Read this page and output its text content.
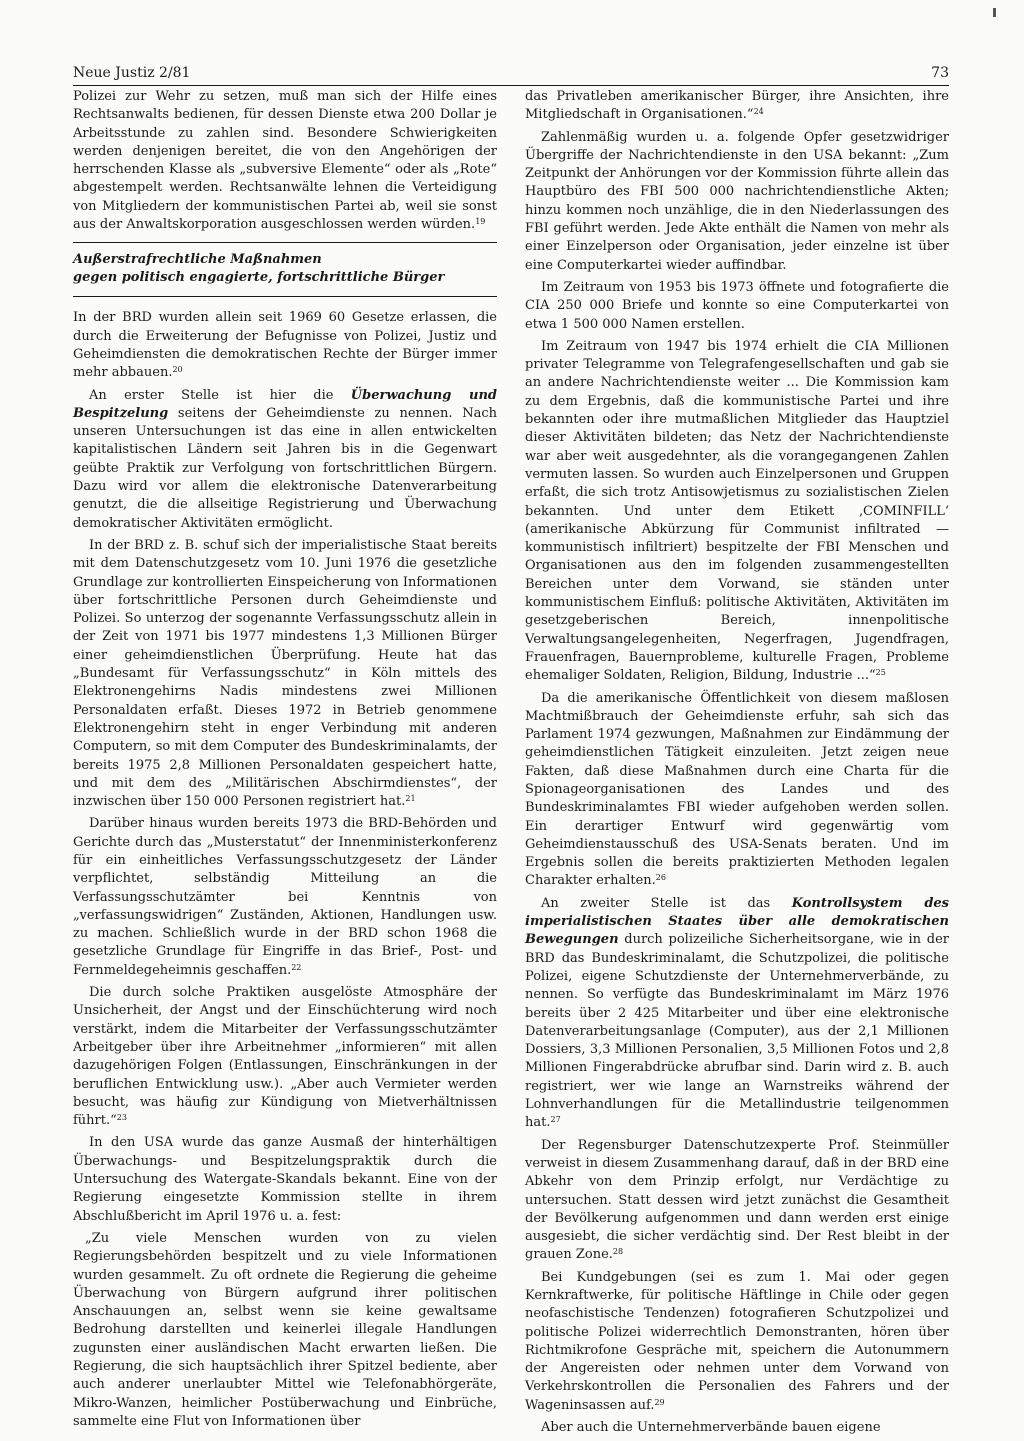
Neue Justiz 2/81	73

Polizei zur Wehr zu setzen, muß man sich der Hilfe eines Rechtsanwalts bedienen, für dessen Dienste etwa 200 Dollar je Arbeitsstunde zu zahlen sind. Besondere Schwierigkeiten werden denjenigen bereitet, die von den Angehörigen der herrschenden Klasse als „subversive Elemente“ oder als „Rote“ abgestempelt werden. Rechtsanwälte lehnen die Verteidigung von Mitgliedern der kommunistischen Partei ab, weil sie sonst aus der Anwaltskorporation ausgeschlossen werden würden.$^{19}$

Außerstrafrechtliche Maßnahmen
gegen politisch engagierte, fortschrittliche Bürger

In der BRD wurden allein seit 1969 60 Gesetze erlassen, die durch die Erweiterung der Befugnisse von Polizei, Justiz und Geheimdiensten die demokratischen Rechte der Bürger immer mehr abbauen.$^{20}$

An erster Stelle ist hier die Überwachung und Bespitzelung seitens der Geheimdienste zu nennen. Nach unseren Untersuchungen ist das eine in allen entwickelten kapitalistischen Ländern seit Jahren bis in die Gegenwart geübte Praktik zur Verfolgung von fortschrittlichen Bürgern. Dazu wird vor allem die elektronische Datenverarbeitung genutzt, die die allseitige Registrierung und Überwachung demokratischer Aktivitäten ermöglicht.

In der BRD z. B. schuf sich der imperialistische Staat bereits mit dem Datenschutzgesetz vom 10. Juni 1976 die gesetzliche Grundlage zur kontrollierten Einspeicherung von Informationen über fortschrittliche Personen durch Geheimdienste und Polizei. So unterzog der sogenannte Verfassungsschutz allein in der Zeit von 1971 bis 1977 mindestens 1,3 Millionen Bürger einer geheimdienstlichen Überprüfung. Heute hat das „Bundesamt für Verfassungsschutz“ in Köln mittels des Elektronengehirns Nadis mindestens zwei Millionen Personaldaten erfaßt. Dieses 1972 in Betrieb genommene Elektronengehirn steht in enger Verbindung mit anderen Computern, so mit dem Computer des Bundeskriminalamts, der bereits 1975 2,8 Millionen Personaldaten gespeichert hatte, und mit dem des „Militärischen Abschirmdienstes“, der inzwischen über 150 000 Personen registriert hat.$^{21}$

Darüber hinaus wurden bereits 1973 die BRD-Behörden und Gerichte durch das „Musterstatut“ der Innenministerkonferenz für ein einheitliches Verfassungsschutzgesetz der Länder verpflichtet, selbständig Mitteilung an die Verfassungsschutzämter bei Kenntnis von „verfassungswidrigen“ Zuständen, Aktionen, Handlungen usw. zu machen. Schließlich wurde in der BRD schon 1968 die gesetzliche Grundlage für Eingriffe in das Brief-, Post- und Fernmeldegeheimnis geschaffen.$^{22}$

Die durch solche Praktiken ausgelöste Atmosphäre der Unsicherheit, der Angst und der Einschüchterung wird noch verstärkt, indem die Mitarbeiter der Verfassungsschutzämter Arbeitgeber über ihre Arbeitnehmer „informieren“ mit allen dazugehörigen Folgen (Entlassungen, Einschränkungen in der beruflichen Entwicklung usw.). „Aber auch Vermieter werden besucht, was häufig zur Kündigung von Mietverhältnissen führt.“$^{23}$

In den USA wurde das ganze Ausmaß der hinterhältigen Überwachungs- und Bespitzelungspraktik durch die Untersuchung des Watergate-Skandals bekannt. Eine von der Regierung eingesetzte Kommission stellte in ihrem Abschlußbericht im April 1976 u. a. fest:

„Zu viele Menschen wurden von zu vielen Regierungsbehörden bespitzelt und zu viele Informationen wurden gesammelt. Zu oft ordnete die Regierung die geheime Überwachung von Bürgern aufgrund ihrer politischen Anschauungen an, selbst wenn sie keine gewaltsame Bedrohung darstellten und keinerlei illegale Handlungen zugunsten einer ausländischen Macht erwarten ließen. Die Regierung, die sich hauptsächlich ihrer Spitzel bediente, aber auch anderer unerlaubter Mittel wie Telefonabhörgeräte, Mikro-Wanzen, heimlicher Postüberwachung und Einbrüche, sammelte eine Flut von Informationen über

das Privatleben amerikanischer Bürger, ihre Ansichten, ihre Mitgliedschaft in Organisationen.“$^{24}$

Zahlenmäßig wurden u. a. folgende Opfer gesetzwidriger Übergriffe der Nachrichtendienste in den USA bekannt: „Zum Zeitpunkt der Anhörungen vor der Kommission führte allein das Hauptbüro des FBI 500 000 nachrichtendienstliche Akten; hinzu kommen noch unzählige, die in den Niederlassungen des FBI geführt werden. Jede Akte enthält die Namen von mehr als einer Einzelperson oder Organisation, jeder einzelne ist über eine Computerkartei wieder auffindbar.

Im Zeitraum von 1953 bis 1973 öffnete und fotografierte die CIA 250 000 Briefe und konnte so eine Computerkartei von etwa 1 500 000 Namen erstellen.

Im Zeitraum von 1947 bis 1974 erhielt die CIA Millionen privater Telegramme von Telegrafengesellschaften und gab sie an andere Nachrichtendienste weiter ... Die Kommission kam zu dem Ergebnis, daß die kommunistische Partei und ihre bekannten oder ihre mutmaßlichen Mitglieder das Hauptziel dieser Aktivitäten bildeten; das Netz der Nachrichtendienste war aber weit ausgedehnter, als die vorangegangenen Zahlen vermuten lassen. So wurden auch Einzelpersonen und Gruppen erfaßt, die sich trotz Antisowjetismus zu sozialistischen Zielen bekannten. Und unter dem Etikett ‚COMINFILL‘ (amerikanische Abkürzung für Communist infiltrated — kommunistisch infiltriert) bespitzelte der FBI Menschen und Organisationen aus den im folgenden zusammengestellten Bereichen unter dem Vorwand, sie ständen unter kommunistischem Einfluß: politische Aktivitäten, Aktivitäten im gesetzgeberischen Bereich, innenpolitische Verwaltungsangelegenheiten, Negerfragen, Jugendfragen, Frauenfragen, Bauernprobleme, kulturelle Fragen, Probleme ehemaliger Soldaten, Religion, Bildung, Industrie ...“$^{25}$

Da die amerikanische Öffentlichkeit von diesem maßlosen Machtmißbrauch der Geheimdienste erfuhr, sah sich das Parlament 1974 gezwungen, Maßnahmen zur Eindämmung der geheimdienstlichen Tätigkeit einzuleiten. Jetzt zeigen neue Fakten, daß diese Maßnahmen durch eine Charta für die Spionageorganisationen des Landes und des Bundeskriminalamtes FBI wieder aufgehoben werden sollen. Ein derartiger Entwurf wird gegenwärtig vom Geheimdienstausschuß des USA-Senats beraten. Und im Ergebnis sollen die bereits praktizierten Methoden legalen Charakter erhalten.$^{26}$

An zweiter Stelle ist das Kontrollsystem des imperialistischen Staates über alle demokratischen Bewegungen durch polizeiliche Sicherheitsorgane, wie in der BRD das Bundeskriminalamt, die Schutzpolizei, die politische Polizei, eigene Schutzdienste der Unternehmerverbände, zu nennen. So verfügte das Bundeskriminalamt im März 1976 bereits über 2 425 Mitarbeiter und über eine elektronische Datenverarbeitungsanlage (Computer), aus der 2,1 Millionen Dossiers, 3,3 Millionen Personalien, 3,5 Millionen Fotos und 2,8 Millionen Fingerabdrücke abrufbar sind. Darin wird z. B. auch registriert, wer wie lange an Warnstreiks während der Lohnverhandlungen für die Metallindustrie teilgenommen hat.$^{27}$

Der Regensburger Datenschutzexperte Prof. Steinmüller verweist in diesem Zusammenhang darauf, daß in der BRD eine Abkehr von dem Prinzip erfolgt, nur Verdächtige zu untersuchen. Statt dessen wird jetzt zunächst die Gesamtheit der Bevölkerung aufgenommen und dann werden erst einige ausgesiebt, die sicher verdächtig sind. Der Rest bleibt in der grauen Zone.$^{28}$

Bei Kundgebungen (sei es zum 1. Mai oder gegen Kernkraftwerke, für politische Häftlinge in Chile oder gegen neofaschistische Tendenzen) fotografieren Schutzpolizei und politische Polizei widerrechtlich Demonstranten, hören über Richtmikrofone Gespräche mit, speichern die Autonummern der Angereisten oder nehmen unter dem Vorwand von Verkehrskontrollen die Personalien des Fahrers und der Wageninsassen auf.$^{29}$

Aber auch die Unternehmerverbände bauen eigene
